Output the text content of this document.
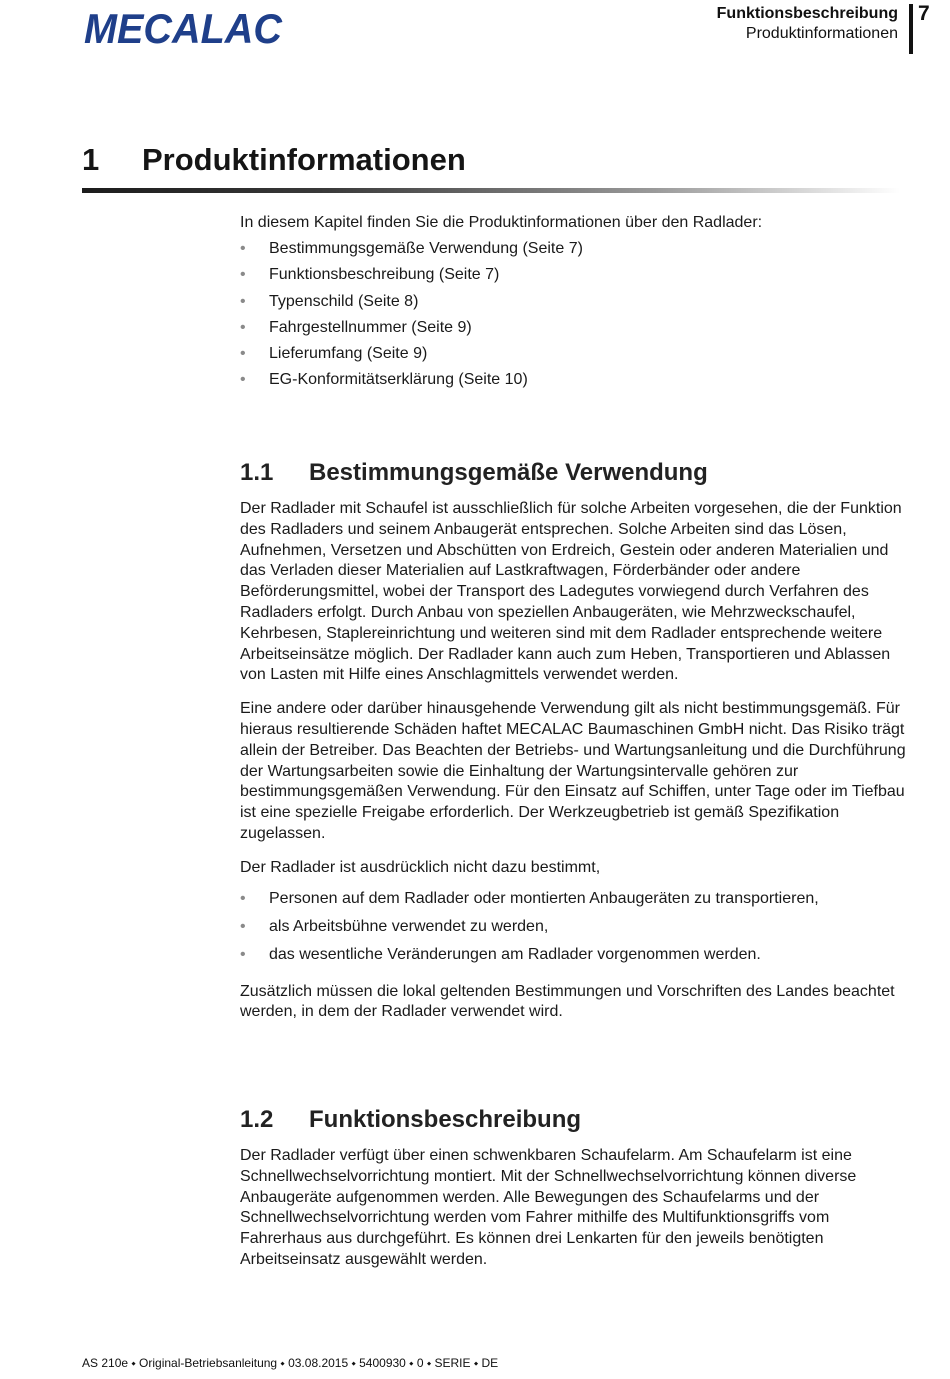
MECALAC	Funktionsbeschreibung
Produktinformationen
7
1 Produktinformationen

In diesem Kapitel finden Sie die Produktinformationen über den Radlader:

• Bestimmungsgemäße Verwendung (Seite 7)
• Funktionsbeschreibung (Seite 7)
• Typenschild (Seite 8)
• Fahrgestellnummer (Seite 9)
• Lieferumfang (Seite 9)
• EG-Konformitätserklärung (Seite 10)
1.1 Bestimmungsgemäße Verwendung

Der Radlader mit Schaufel ist ausschließlich für solche Arbeiten vorgesehen, die der Funktion des Radladers und seinem Anbaugerät entsprechen. Solche Arbeiten sind das Lösen, Aufnehmen, Versetzen und Abschütten von Erdreich, Gestein oder anderen Materialien und das Verladen dieser Materialien auf Lastkraftwagen, Förderbänder oder andere Beförderungsmittel, wobei der Transport des Ladegutes vorwiegend durch Verfahren des Radladers erfolgt. Durch Anbau von speziellen Anbaugeräten, wie Mehrzweckschaufel, Kehrbesen, Staplereinrichtung und weiteren sind mit dem Radlader entsprechende weitere Arbeitseinsätze möglich. Der Radlader kann auch zum Heben, Transportieren und Ablassen von Lasten mit Hilfe eines Anschlagmittels verwendet werden.

Eine andere oder darüber hinausgehende Verwendung gilt als nicht bestimmungsgemäß. Für hieraus resultierende Schäden haftet MECALAC Baumaschinen GmbH nicht. Das Risiko trägt allein der Betreiber. Das Beachten der Betriebs- und Wartungsanleitung und die Durchführung der Wartungsarbeiten sowie die Einhaltung der Wartungsintervalle gehören zur bestimmungsgemäßen Verwendung. Für den Einsatz auf Schiffen, unter Tage oder im Tiefbau ist eine spezielle Freigabe erforderlich. Der Werkzeugbetrieb ist gemäß Spezifikation zugelassen.

Der Radlader ist ausdrücklich nicht dazu bestimmt,

• Personen auf dem Radlader oder montierten Anbaugeräten zu transportieren,
• als Arbeitsbühne verwendet zu werden,
• das wesentliche Veränderungen am Radlader vorgenommen werden.

Zusätzlich müssen die lokal geltenden Bestimmungen und Vorschriften des Landes beachtet werden, in dem der Radlader verwendet wird.

1.2 Funktionsbeschreibung

Der Radlader verfügt über einen schwenkbaren Schaufelarm. Am Schaufelarm ist eine Schnellwechselvorrichtung montiert. Mit der Schnellwechselvorrichtung können diverse Anbaugeräte aufgenommen werden. Alle Bewegungen des Schaufelarms und der Schnellwechselvorrichtung werden vom Fahrer mithilfe des Multifunktionsgriffs vom Fahrerhaus aus durchgeführt. Es können drei Lenkarten für den jeweils benötigten Arbeitseinsatz ausgewählt werden.

AS 210e ⬩ Original-Betriebsanleitung ⬩ 03.08.2015 ⬩ 5400930 ⬩ 0 ⬩ SERIE ⬩ DE
